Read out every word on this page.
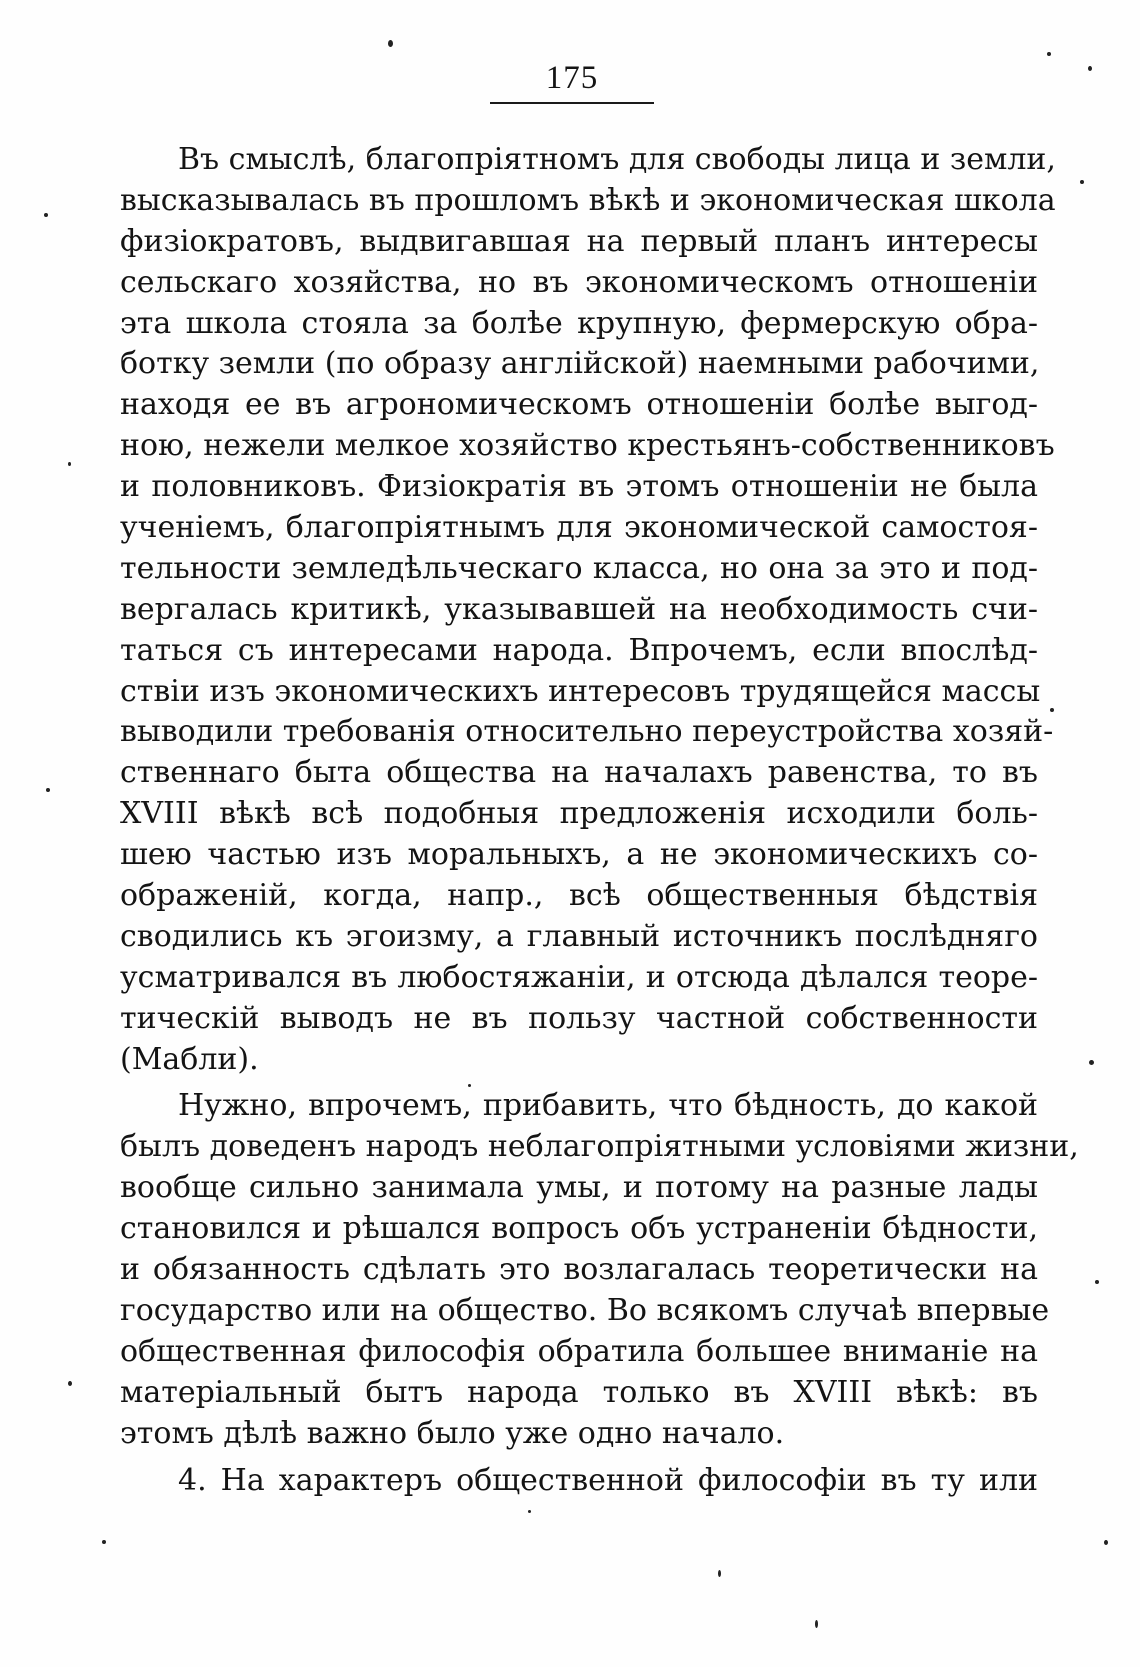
175

Въ смыслѣ, благопріятномъ для свободы лица и земли,
высказывалась въ прошломъ вѣкѣ и экономическая школа
физіократовъ, выдвигавшая на первый планъ интересы
сельскаго хозяйства, но въ экономическомъ отношеніи
эта школа стояла за болѣе крупную, фермерскую обра-
ботку земли (по образу англійской) наемными рабочими,
находя ее въ агрономическомъ отношеніи болѣе выгод-
ною, нежели мелкое хозяйство крестьянъ-собственниковъ
и половниковъ. Физіократія въ этомъ отношеніи не была
ученіемъ, благопріятнымъ для экономической самостоя-
тельности земледѣльческаго класса, но она за это и под-
вергалась критикѣ, указывавшей на необходимость счи-
таться съ интересами народа. Впрочемъ, если впослѣд-
ствіи изъ экономическихъ интересовъ трудящейся массы
выводили требованія относительно переустройства хозяй-
ственнаго быта общества на началахъ равенства, то въ
XVIII вѣкѣ всѣ подобныя предложенія исходили боль-
шею частью изъ моральныхъ, а не экономическихъ со-
ображеній, когда, напр., всѣ общественныя бѣдствія
сводились къ эгоизму, а главный источникъ послѣдняго
усматривался въ любостяжаніи, и отсюда дѣлался теоре-
тическій выводъ не въ пользу частной собственности
(Мабли).

Нужно, впрочемъ, прибавить, что бѣдность, до какой
былъ доведенъ народъ неблагопріятными условіями жизни,
вообще сильно занимала умы, и потому на разные лады
становился и рѣшался вопросъ объ устраненіи бѣдности,
и обязанность сдѣлать это возлагалась теоретически на
государство или на общество. Во всякомъ случаѣ впервые
общественная философія обратила большее вниманіе на
матеріальный бытъ народа только въ XVIII вѣкѣ: въ
этомъ дѣлѣ важно было уже одно начало.

4. На характеръ общественной философіи въ ту или
